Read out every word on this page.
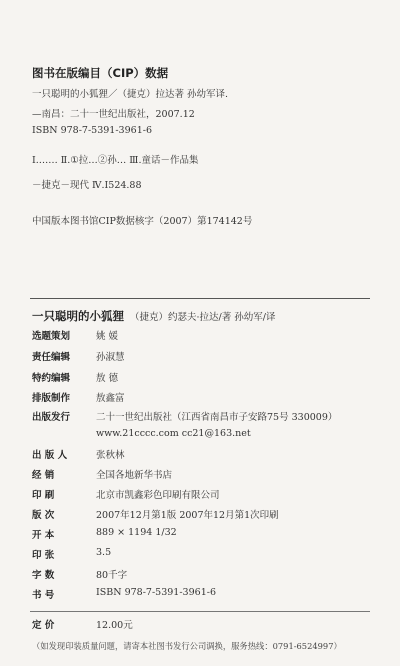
图书在版编目（CIP）数据
一只聪明的小狐狸／（捷克）拉达著 孙幼军译.
—南昌：二十一世纪出版社，2007.12
ISBN 978-7-5391-3961-6
Ⅰ.…… Ⅱ.①拉…②孙… Ⅲ.童话－作品集
－捷克－现代 Ⅳ.I524.88
中国版本图书馆CIP数据核字（2007）第174142号
一只聪明的小狐狸 （捷克）约瑟夫·拉达/著 孙幼军/译
选题策划	姚 媛
责任编辑	孙淑慧
特约编辑	敖 德
排版制作	敖鑫富
出版发行	二十一世纪出版社（江西省南昌市子安路75号 330009）
www.21cccc.com cc21@163.net
出 版 人	张秋林
经 销	全国各地新华书店
印 刷	北京市凯鑫彩色印刷有限公司
版 次	2007年12月第1版 2007年12月第1次印刷
开 本	889 × 1194 1/32
印 张	3.5
字 数	80千字
书 号	ISBN 978-7-5391-3961-6
定 价	12.00元
（如发现印装质量问题，请寄本社图书发行公司调换，服务热线：0791-6524997）
